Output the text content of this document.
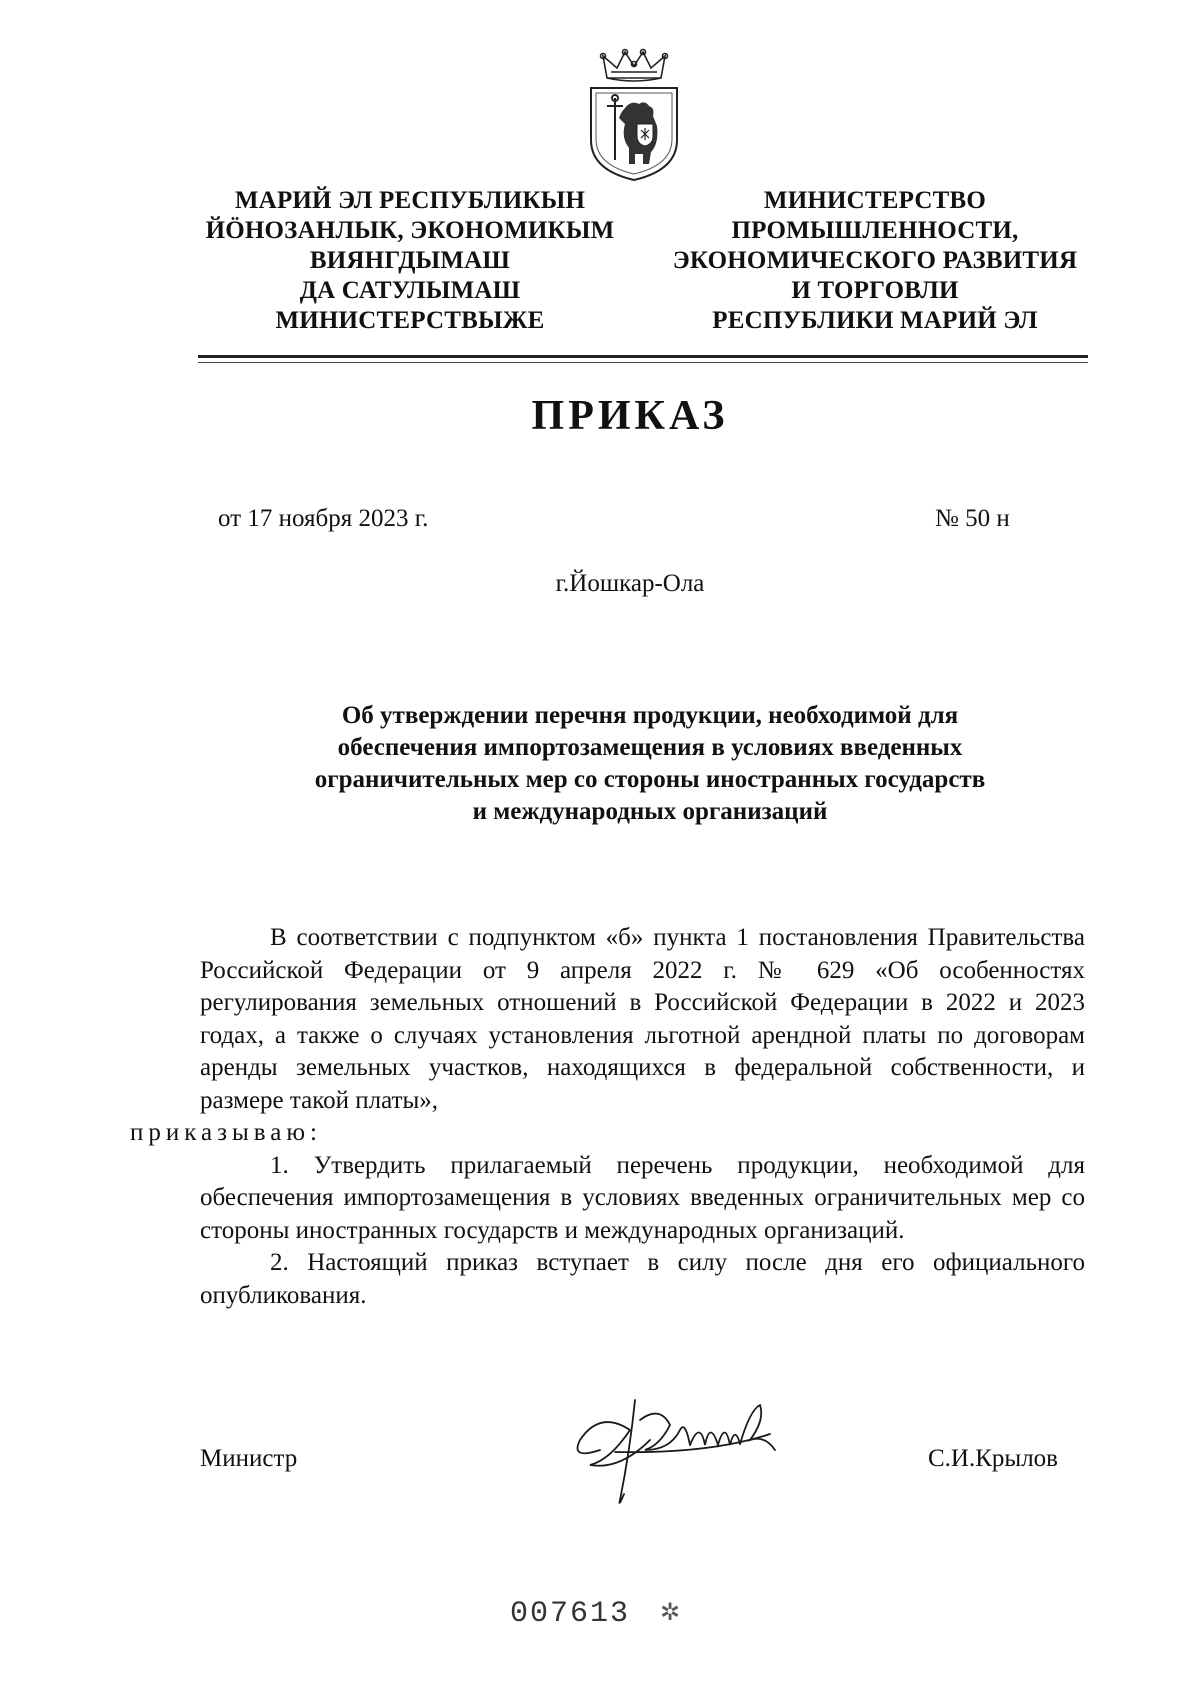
МАРИЙ ЭЛ РЕСПУБЛИКЫН
ЙӦНОЗАНЛЫК, ЭКОНОМИКЫМ
ВИЯНГДЫМАШ
ДА САТУЛЫМАШ
МИНИСТЕРСТВЫЖЕ
МИНИСТЕРСТВО
ПРОМЫШЛЕННОСТИ,
ЭКОНОМИЧЕСКОГО РАЗВИТИЯ
И ТОРГОВЛИ
РЕСПУБЛИКИ МАРИЙ ЭЛ
ПРИКАЗ
от 17 ноября 2023 г.	№ 50 н
г.Йошкар-Ола
Об утверждении перечня продукции, необходимой для
обеспечения импортозамещения в условиях введенных
ограничительных мер со стороны иностранных государств
и международных организаций

В соответствии с подпунктом «б» пункта 1 постановления Правительства Российской Федерации от 9 апреля 2022 г. № 629 «Об особенностях регулирования земельных отношений в Российской Федерации в 2022 и 2023 годах, а также о случаях установления льготной арендной платы по договорам аренды земельных участков, находящихся в федеральной собственности, и размере такой платы»,
приказываю:

1. Утвердить прилагаемый перечень продукции, необходимой для обеспечения импортозамещения в условиях введенных ограничительных мер со стороны иностранных государств и международных организаций.

2. Настоящий приказ вступает в силу после дня его официального опубликования.

Министр	С.И.Крылов
007613 ✲
